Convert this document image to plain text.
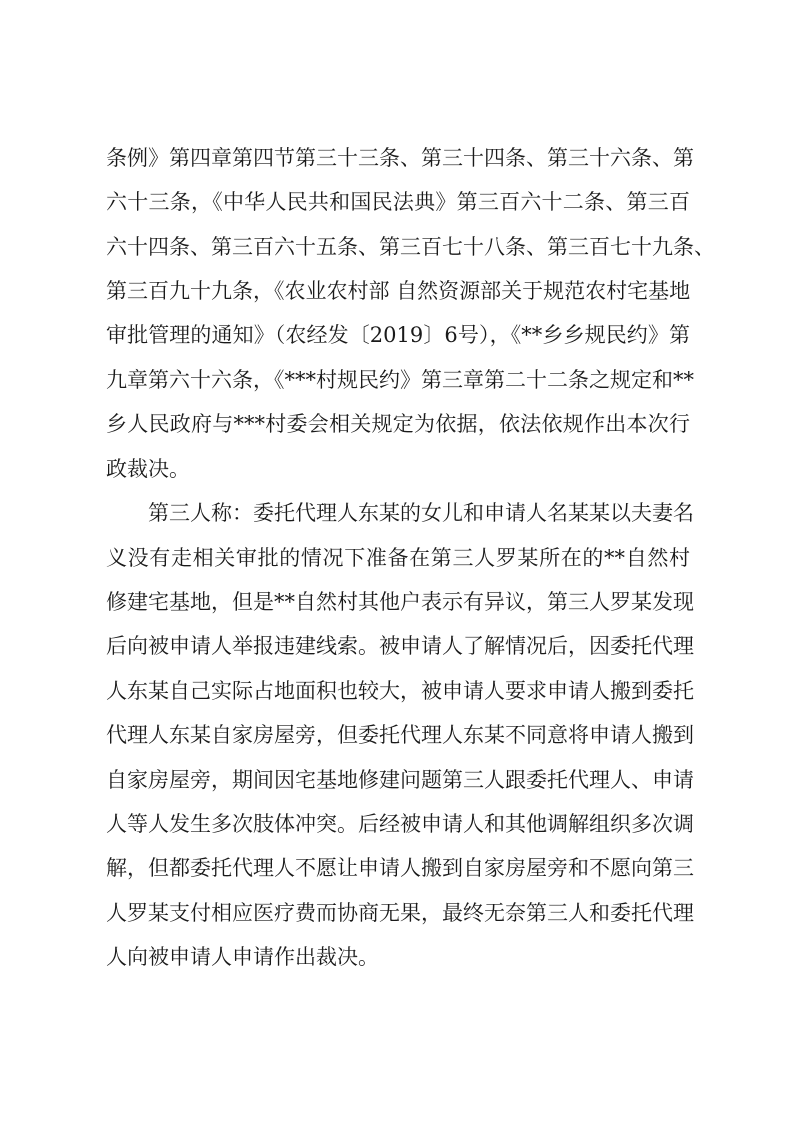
条例》第四章第四节第三十三条、第三十四条、第三十六条、第
六十三条，《中华人民共和国民法典》第三百六十二条、第三百
六十四条、第三百六十五条、第三百七十八条、第三百七十九条、
第三百九十九条，《农业农村部 自然资源部关于规范农村宅基地
审批管理的通知》（农经发〔2019〕6号），《**乡乡规民约》第
九章第六十六条，《***村规民约》第三章第二十二条之规定和**
乡人民政府与***村委会相关规定为依据，依法依规作出本次行
政裁决。
第三人称：委托代理人东某的女儿和申请人名某某以夫妻名
义没有走相关审批的情况下准备在第三人罗某所在的**自然村
修建宅基地，但是**自然村其他户表示有异议，第三人罗某发现
后向被申请人举报违建线索。被申请人了解情况后，因委托代理
人东某自己实际占地面积也较大，被申请人要求申请人搬到委托
代理人东某自家房屋旁，但委托代理人东某不同意将申请人搬到
自家房屋旁，期间因宅基地修建问题第三人跟委托代理人、申请
人等人发生多次肢体冲突。后经被申请人和其他调解组织多次调
解，但都委托代理人不愿让申请人搬到自家房屋旁和不愿向第三
人罗某支付相应医疗费而协商无果，最终无奈第三人和委托代理
人向被申请人申请作出裁决。
